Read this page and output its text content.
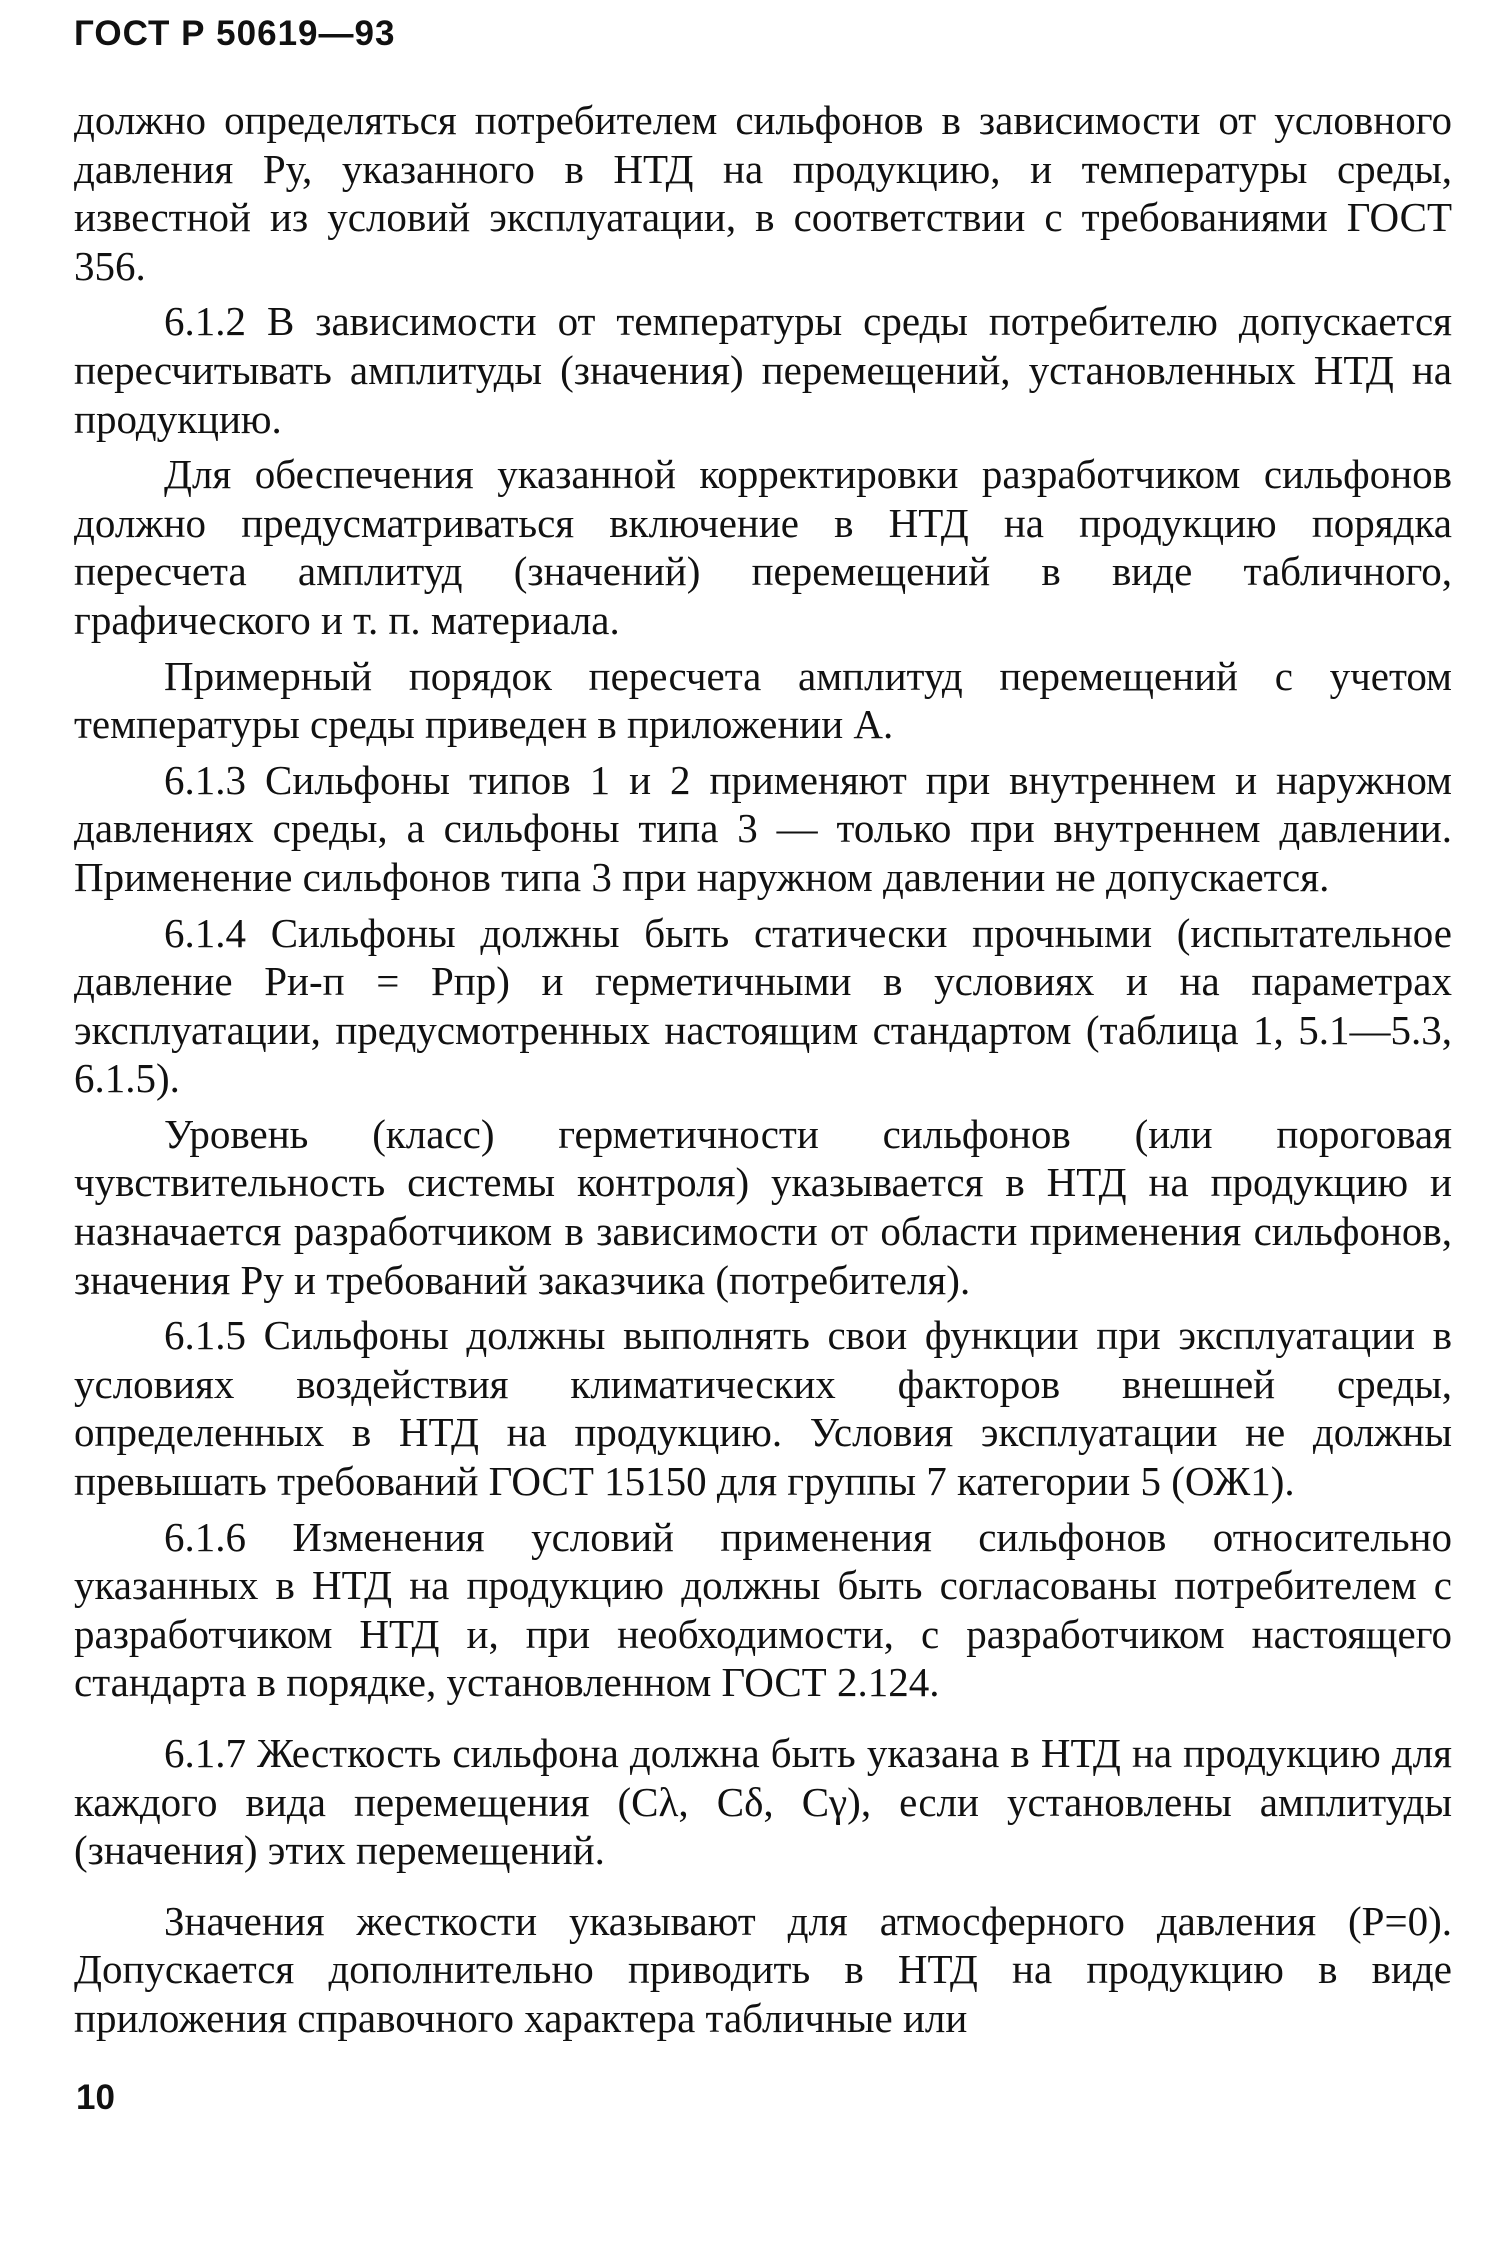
ГОСТ Р 50619—93

должно определяться потребителем сильфонов в зависимости от условного давления Pу, указанного в НТД на продукцию, и температуры среды, известной из условий эксплуатации, в соответствии с требованиями ГОСТ 356.

6.1.2 В зависимости от температуры среды потребителю допускается пересчитывать амплитуды (значения) перемещений, установленных НТД на продукцию.

Для обеспечения указанной корректировки разработчиком сильфонов должно предусматриваться включение в НТД на продукцию порядка пересчета амплитуд (значений) перемещений в виде табличного, графического и т. п. материала.

Примерный порядок пересчета амплитуд перемещений с учетом температуры среды приведен в приложении А.

6.1.3 Сильфоны типов 1 и 2 применяют при внутреннем и наружном давлениях среды, а сильфоны типа 3 — только при внутреннем давлении. Применение сильфонов типа 3 при наружном давлении не допускается.

6.1.4 Сильфоны должны быть статически прочными (испытательное давление Pи-п = Pпр) и герметичными в условиях и на параметрах эксплуатации, предусмотренных настоящим стандартом (таблица 1, 5.1—5.3, 6.1.5).

Уровень (класс) герметичности сильфонов (или пороговая чувствительность системы контроля) указывается в НТД на продукцию и назначается разработчиком в зависимости от области применения сильфонов, значения Pу и требований заказчика (потребителя).

6.1.5 Сильфоны должны выполнять свои функции при эксплуатации в условиях воздействия климатических факторов внешней среды, определенных в НТД на продукцию. Условия эксплуатации не должны превышать требований ГОСТ 15150 для группы 7 категории 5 (ОЖ1).

6.1.6 Изменения условий применения сильфонов относительно указанных в НТД на продукцию должны быть согласованы потребителем с разработчиком НТД и, при необходимости, с разработчиком настоящего стандарта в порядке, установленном ГОСТ 2.124.

6.1.7 Жесткость сильфона должна быть указана в НТД на продукцию для каждого вида перемещения (Cλ, Cδ, Cγ), если установлены амплитуды (значения) этих перемещений.

Значения жесткости указывают для атмосферного давления (P=0). Допускается дополнительно приводить в НТД на продукцию в виде приложения справочного характера табличные или

10
